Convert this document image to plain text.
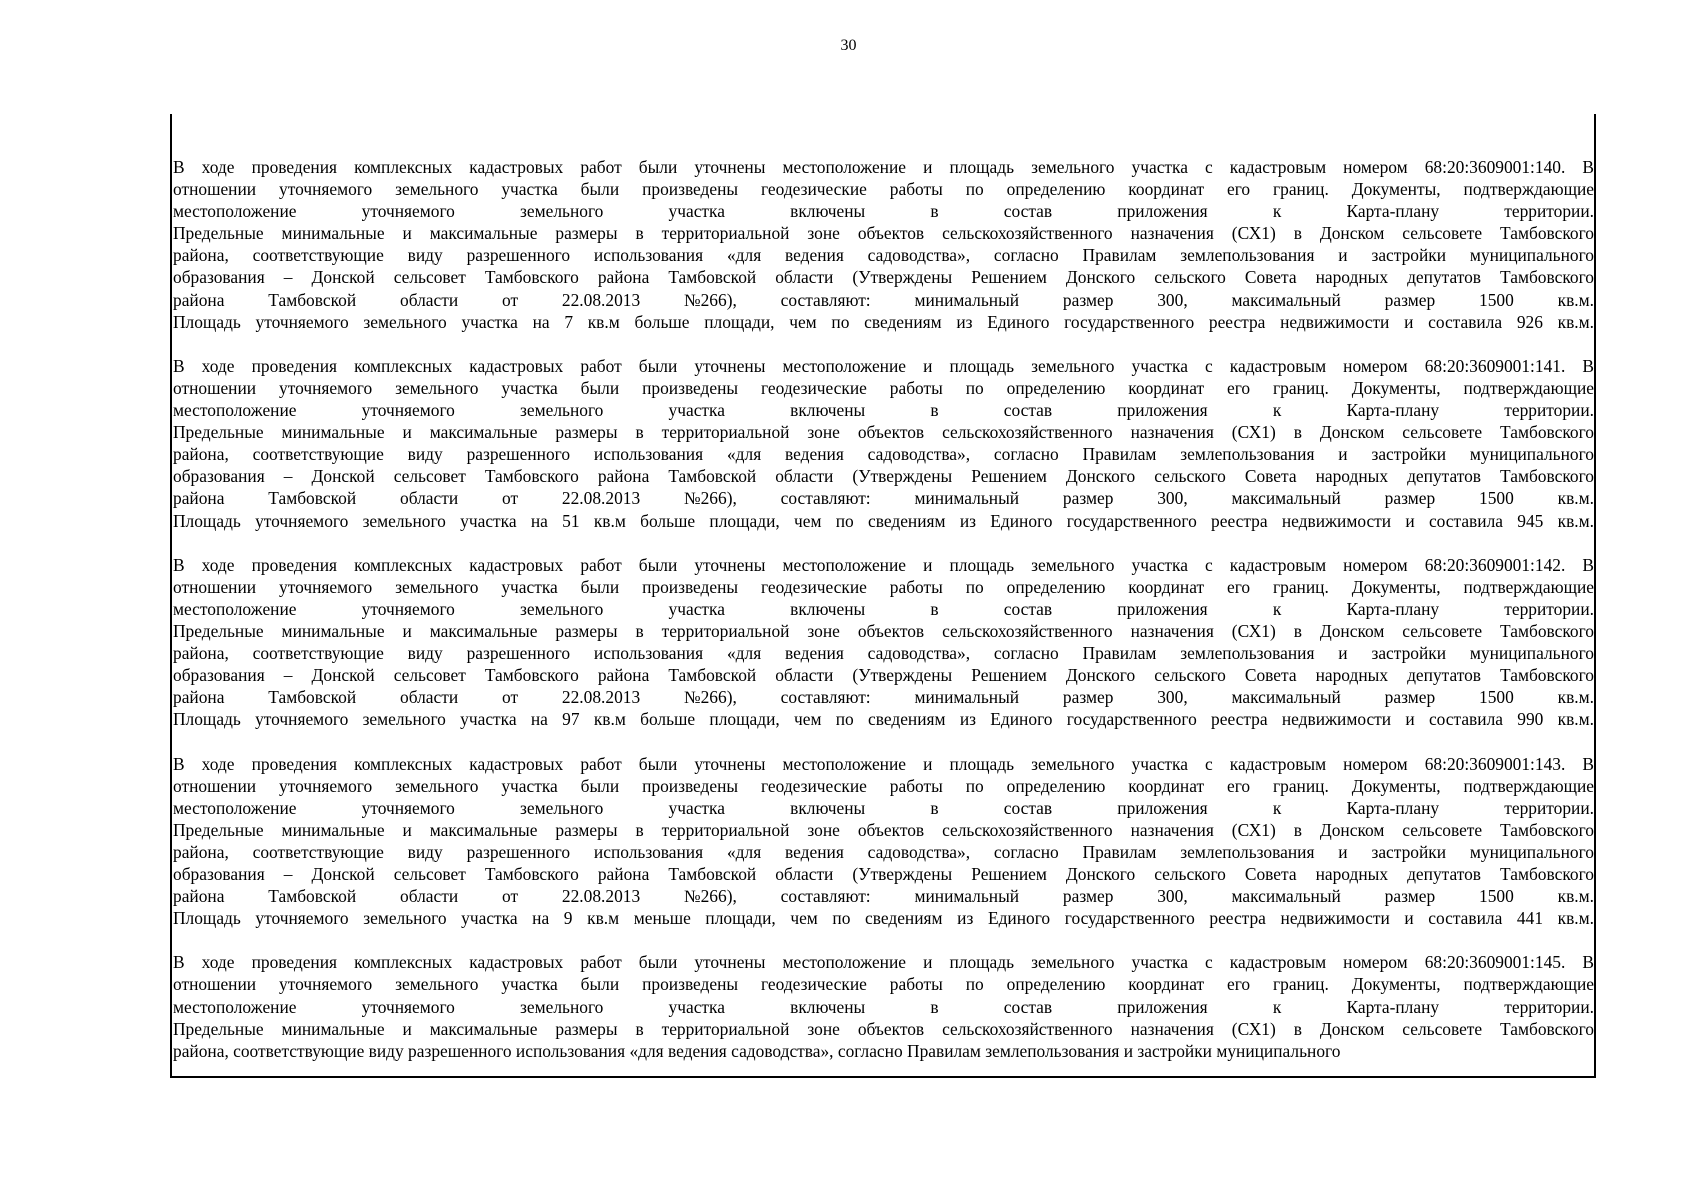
30
В ходе проведения комплексных кадастровых работ были уточнены местоположение и площадь земельного участка с кадастровым номером 68:20:3609001:140. В
отношении уточняемого земельного участка были произведены геодезические работы по определению координат его границ. Документы, подтверждающие
местоположение уточняемого земельного участка включены в состав приложения к Карта-плану территории.
Предельные минимальные и максимальные размеры в территориальной зоне объектов сельскохозяйственного назначения (СХ1) в Донском сельсовете Тамбовского
района, соответствующие виду разрешенного использования «для ведения садоводства», согласно Правилам землепользования и застройки муниципального
образования – Донской сельсовет Тамбовского района Тамбовской области (Утверждены Решением Донского сельского Совета народных депутатов Тамбовского
района Тамбовской области от 22.08.2013 №266), составляют: минимальный размер 300, максимальный размер 1500 кв.м.
Площадь уточняемого земельного участка на 7 кв.м больше площади, чем по сведениям из Единого государственного реестра недвижимости и составила 926 кв.м.
В ходе проведения комплексных кадастровых работ были уточнены местоположение и площадь земельного участка с кадастровым номером 68:20:3609001:141. В
отношении уточняемого земельного участка были произведены геодезические работы по определению координат его границ. Документы, подтверждающие
местоположение уточняемого земельного участка включены в состав приложения к Карта-плану территории.
Предельные минимальные и максимальные размеры в территориальной зоне объектов сельскохозяйственного назначения (СХ1) в Донском сельсовете Тамбовского
района, соответствующие виду разрешенного использования «для ведения садоводства», согласно Правилам землепользования и застройки муниципального
образования – Донской сельсовет Тамбовского района Тамбовской области (Утверждены Решением Донского сельского Совета народных депутатов Тамбовского
района Тамбовской области от 22.08.2013 №266), составляют: минимальный размер 300, максимальный размер 1500 кв.м.
Площадь уточняемого земельного участка на 51 кв.м больше площади, чем по сведениям из Единого государственного реестра недвижимости и составила 945 кв.м.
В ходе проведения комплексных кадастровых работ были уточнены местоположение и площадь земельного участка с кадастровым номером 68:20:3609001:142. В
отношении уточняемого земельного участка были произведены геодезические работы по определению координат его границ. Документы, подтверждающие
местоположение уточняемого земельного участка включены в состав приложения к Карта-плану территории.
Предельные минимальные и максимальные размеры в территориальной зоне объектов сельскохозяйственного назначения (СХ1) в Донском сельсовете Тамбовского
района, соответствующие виду разрешенного использования «для ведения садоводства», согласно Правилам землепользования и застройки муниципального
образования – Донской сельсовет Тамбовского района Тамбовской области (Утверждены Решением Донского сельского Совета народных депутатов Тамбовского
района Тамбовской области от 22.08.2013 №266), составляют: минимальный размер 300, максимальный размер 1500 кв.м.
Площадь уточняемого земельного участка на 97 кв.м больше площади, чем по сведениям из Единого государственного реестра недвижимости и составила 990 кв.м.
В ходе проведения комплексных кадастровых работ были уточнены местоположение и площадь земельного участка с кадастровым номером 68:20:3609001:143. В
отношении уточняемого земельного участка были произведены геодезические работы по определению координат его границ. Документы, подтверждающие
местоположение уточняемого земельного участка включены в состав приложения к Карта-плану территории.
Предельные минимальные и максимальные размеры в территориальной зоне объектов сельскохозяйственного назначения (СХ1) в Донском сельсовете Тамбовского
района, соответствующие виду разрешенного использования «для ведения садоводства», согласно Правилам землепользования и застройки муниципального
образования – Донской сельсовет Тамбовского района Тамбовской области (Утверждены Решением Донского сельского Совета народных депутатов Тамбовского
района Тамбовской области от 22.08.2013 №266), составляют: минимальный размер 300, максимальный размер 1500 кв.м.
Площадь уточняемого земельного участка на 9 кв.м меньше площади, чем по сведениям из Единого государственного реестра недвижимости и составила 441 кв.м.
В ходе проведения комплексных кадастровых работ были уточнены местоположение и площадь земельного участка с кадастровым номером 68:20:3609001:145. В
отношении уточняемого земельного участка были произведены геодезические работы по определению координат его границ. Документы, подтверждающие
местоположение уточняемого земельного участка включены в состав приложения к Карта-плану территории.
Предельные минимальные и максимальные размеры в территориальной зоне объектов сельскохозяйственного назначения (СХ1) в Донском сельсовете Тамбовского
района, соответствующие виду разрешенного использования «для ведения садоводства», согласно Правилам землепользования и застройки муниципального
